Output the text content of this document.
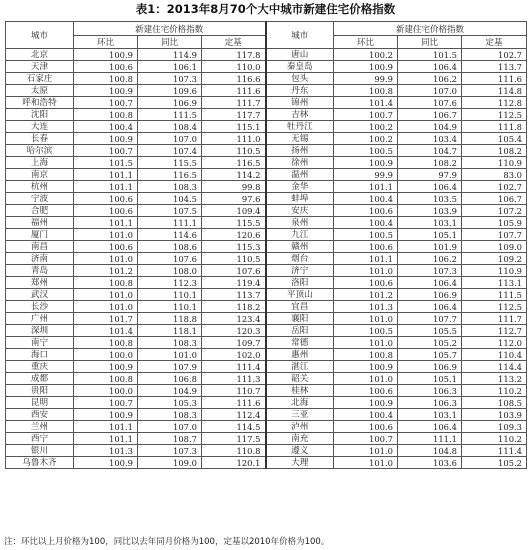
表1：2013年8月70个大中城市新建住宅价格指数
城市	新建住宅价格指数			城市	新建住宅价格指数		
	环比	同比	定基		环比	同比	定基
北京	100.9	114.9	117.8	唐山	100.2	101.5	102.7
天津	100.6	106.1	110.0	秦皇岛	100.9	106.4	113.7
石家庄	100.8	107.3	116.6	包头	99.9	106.2	111.6
太原	100.9	109.6	111.6	丹东	100.8	107.0	114.8
呼和浩特	100.7	106.9	111.7	锦州	101.4	107.6	112.8
沈阳	100.8	111.5	117.7	吉林	100.7	106.7	112.5
大连	100.4	108.4	115.1	牡丹江	100.2	104.9	111.8
长春	100.9	107.0	111.0	无锡	100.2	103.4	105.4
哈尔滨	100.7	107.4	110.5	扬州	100.5	104.7	108.2
上海	101.5	115.5	116.5	徐州	100.9	108.2	110.9
南京	101.1	116.5	114.2	温州	99.9	97.9	83.0
杭州	101.1	108.3	99.8	金华	101.1	106.4	102.7
宁波	100.6	104.5	97.6	蚌埠	100.4	103.5	106.7
合肥	100.6	107.5	109.4	安庆	100.6	103.9	107.2
福州	101.1	111.1	115.5	泉州	100.4	103.1	105.9
厦门	101.0	114.6	120.6	九江	100.5	105.1	107.7
南昌	100.6	108.6	115.3	赣州	100.6	101.9	109.0
济南	101.0	107.6	110.5	烟台	101.1	106.2	109.2
青岛	101.2	108.0	107.6	济宁	101.0	107.3	110.9
郑州	100.8	112.3	119.4	洛阳	100.6	106.4	113.1
武汉	101.0	110.1	113.7	平顶山	101.2	106.9	111.5
长沙	101.0	110.1	118.2	宜昌	101.3	106.4	112.5
广州	101.7	118.8	123.4	襄阳	101.0	107.7	111.7
深圳	101.4	118.1	120.3	岳阳	100.5	105.5	112.7
南宁	100.8	108.3	109.7	常德	101.0	105.2	112.0
海口	100.0	101.0	102.0	惠州	100.8	105.7	110.4
重庆	100.9	107.9	111.4	湛江	100.9	106.9	114.4
成都	100.8	106.8	111.3	韶关	101.0	105.1	113.2
贵阳	100.0	104.9	110.7	桂林	100.6	106.3	110.2
昆明	100.7	105.3	111.6	北海	100.9	106.3	108.5
西安	100.9	108.3	112.4	三亚	100.4	103.1	103.9
兰州	101.1	107.0	114.5	泸州	100.6	106.4	109.3
西宁	101.1	108.7	117.5	南充	100.7	111.1	110.2
银川	101.3	107.3	110.8	遵义	101.0	104.8	111.4
乌鲁木齐	100.9	109.0	120.1	大理	101.0	103.6	105.2
注：环比以上月价格为100，同比以去年同月价格为100，定基以2010年价格为100。
